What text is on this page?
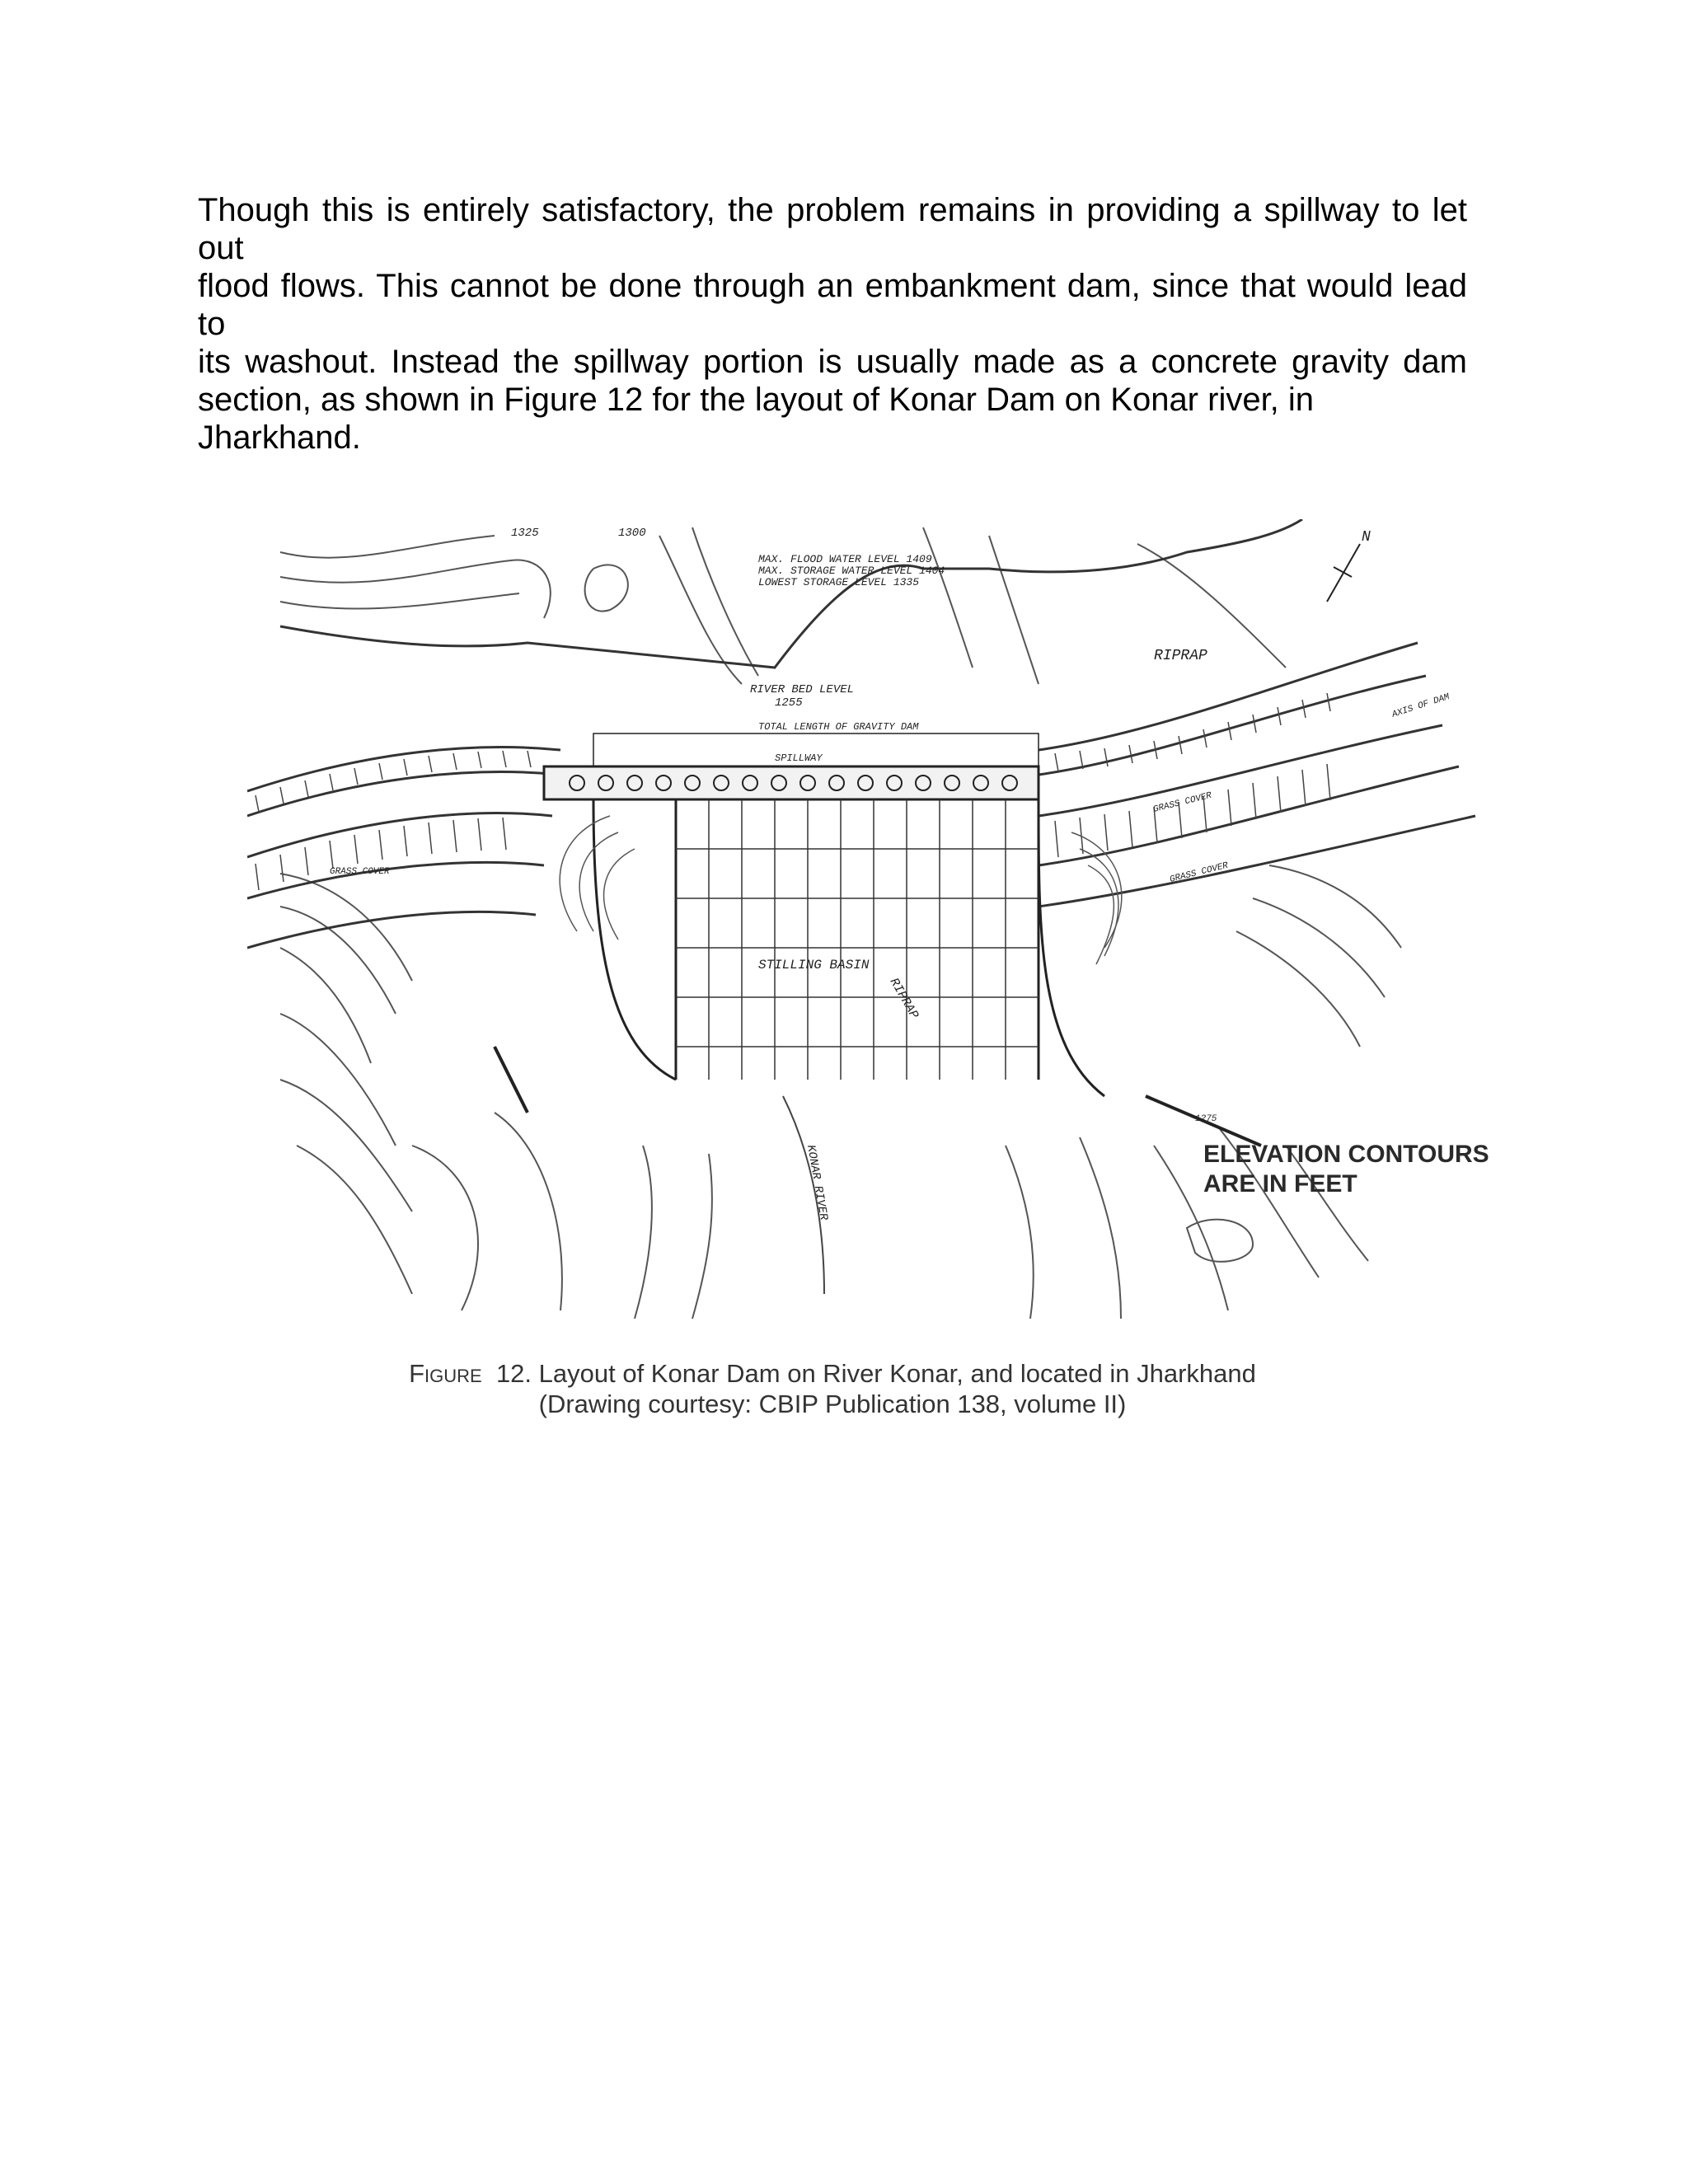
Though this is entirely satisfactory, the problem remains in providing a spillway to let out
flood flows. This cannot be done through an embankment dam, since that would lead to
its washout. Instead the spillway portion is usually made as a concrete gravity dam
section, as shown in Figure 12 for the layout of Konar Dam on Konar river, in
Jharkhand.
N
1325	1300
MAX. FLOOD WATER LEVEL 1409
MAX. STORAGE WATER LEVEL 1404
LOWEST STORAGE LEVEL 1335
RIVER BED LEVEL
1255
TOTAL LENGTH OF GRAVITY DAM
SPILLWAY
RIPRAP
STILLING BASIN
RIPRAP
KONAR RIVER
GRASS COVER
GRASS COVER
GRASS COVER
AXIS OF DAM
1275
ELEVATION CONTOURS
ARE IN FEET
Figure 12. Layout of Konar Dam on River Konar, and located in Jharkhand
(Drawing courtesy: CBIP Publication 138, volume II)
